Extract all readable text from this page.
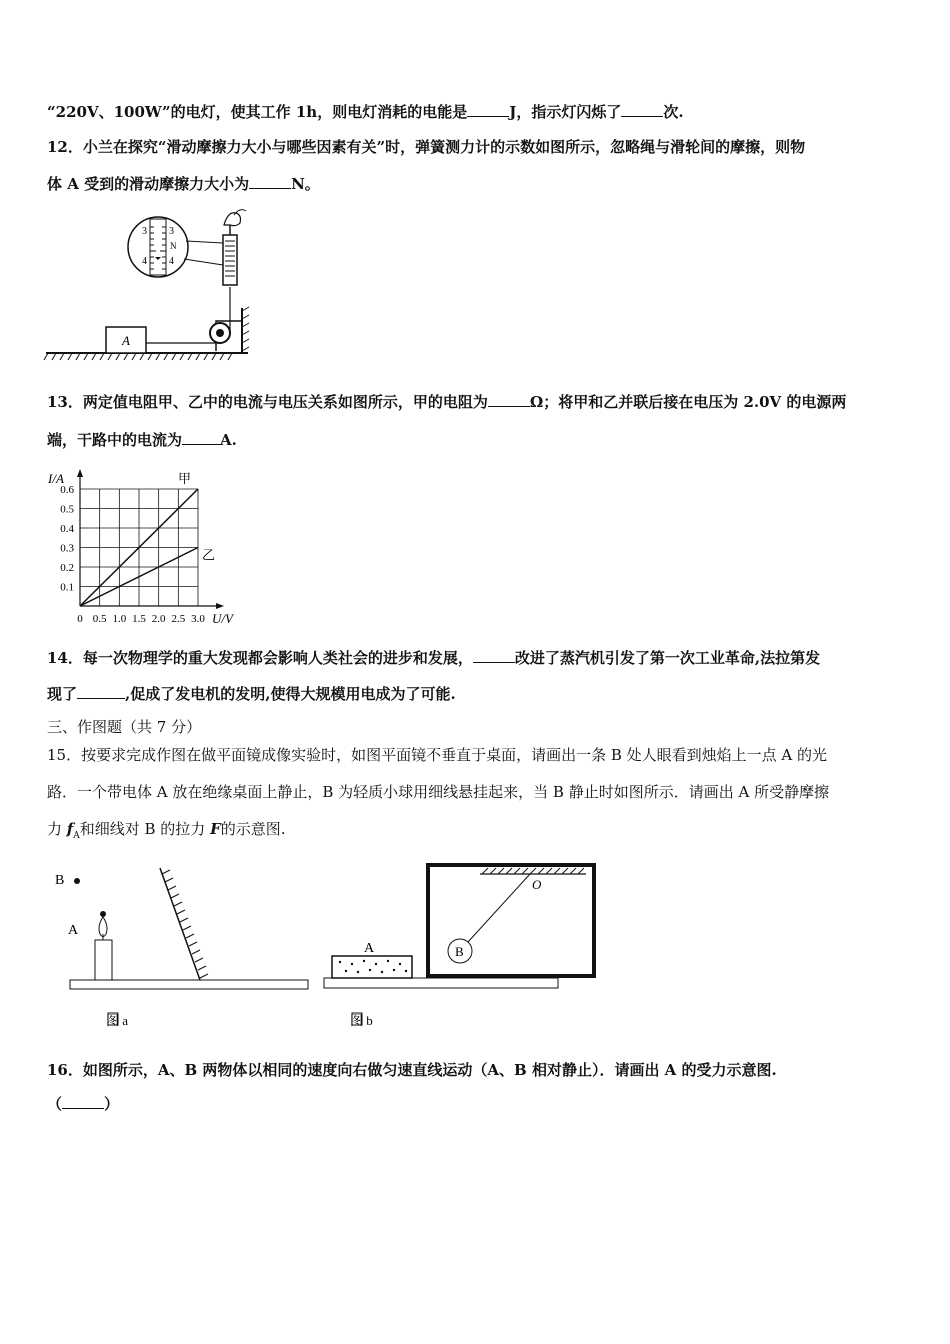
“220V、100W”的电灯，使其工作 1h，则电灯消耗的电能是	J，指示灯闪烁了	次.
12．小兰在探究“滑动摩擦力大小与哪些因素有关”时，弹簧测力计的示数如图所示，忽略绳与滑轮间的摩擦，则物
体 A 受到的滑动摩擦力大小为	N。
A
3 3
N
4 4
13．两定值电阻甲、乙中的电流与电压关系如图所示，甲的电阻为	Ω；将甲和乙并联后接在电压为 2.0V 的电源两
端，干路中的电流为	A.
0.6
0.5
0.4
0.3
0.2
0.1
0 0.5 1.0 1.5 2.0 2.5 3.0
I/A
U/V
甲
乙
14．每一次物理学的重大发现都会影响人类社会的进步和发展，	改进了蒸汽机引发了第一次工业革命,法拉第发
现了	,促成了发电机的发明,使得大规模用电成为了可能.
三、作图题（共 7 分）
15．按要求完成作图在做平面镜成像实验时，如图平面镜不垂直于桌面，请画出一条 B 处人眼看到烛焰上一点 A 的光
路．一个带电体 A 放在绝缘桌面上静止，B 为轻质小球用细线悬挂起来，当 B 静止时如图所示．请画出 A 所受静摩擦
力 $f_A$和细线对 B 的拉力 F的示意图.
B
A
图 a
A
O
B
图 b
16．如图所示，A、B 两物体以相同的速度向右做匀速直线运动（A、B 相对静止）．请画出 A 的受力示意图.
（	）
